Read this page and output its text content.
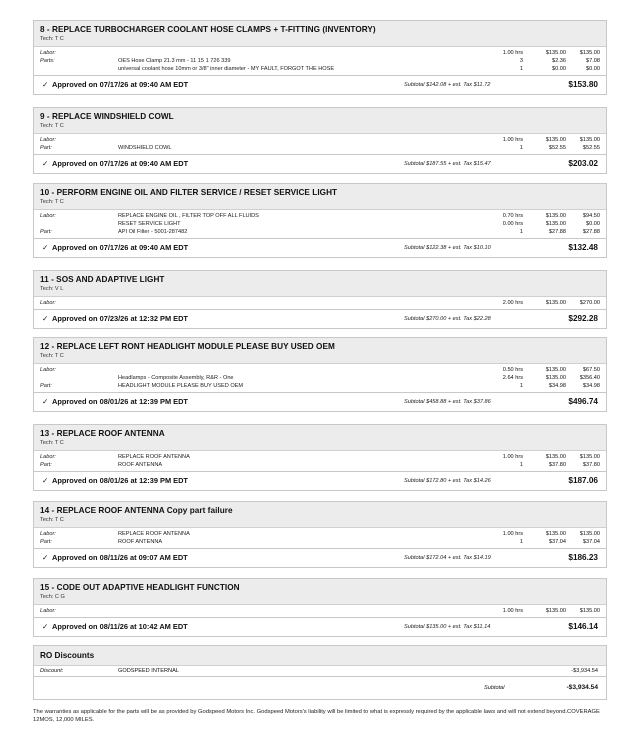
8 - REPLACE TURBOCHARGER COOLANT HOSE CLAMPS + T-FITTING (INVENTORY)
Tech: T C
Labor:	1.00 hrs	$135.00 $135.00
Parts:	OES Hose Clamp 21.3 mm - 11 15 1 726 339	3	$2.36	$7.08
universal coolant hose 10mm or 3/8" inner diameter - MY FAULT, FORGOT THE HOSE	1	$0.00	$0.00
✓ Approved on 07/17/26 at 09:40 AM EDT	Subtotal $142.08 + est. Tax $11.72	$153.80
9 - REPLACE WINDSHIELD COWL
Tech: T C
Labor:	1.00 hrs	$135.00 $135.00
Part:	WINDSHIELD COWL	1	$52.55	$52.55
✓ Approved on 07/17/26 at 09:40 AM EDT	Subtotal $187.55 + est. Tax $15.47	$203.02
10 - PERFORM ENGINE OIL AND FILTER SERVICE / RESET SERVICE LIGHT
Tech: T C
Labor:	REPLACE ENGINE OIL , FILTER TOP OFF ALL FLUIDS	0.70 hrs	$135.00	$94.50
RESET SERVICE LIGHT	0.00 hrs	$135.00	$0.00
Part:	API Oil Filter - 5001-287482	1	$27.88	$27.88
✓ Approved on 07/17/26 at 09:40 AM EDT	Subtotal $122.38 + est. Tax $10.10	$132.48
11 - SOS AND ADAPTIVE LIGHT
Tech: V L
Labor:	2.00 hrs	$135.00 $270.00
✓ Approved on 07/23/26 at 12:32 PM EDT	Subtotal $270.00 + est. Tax $22.28	$292.28
12 - REPLACE LEFT RONT HEADLIGHT MODULE PLEASE BUY USED OEM
Tech: T C
Labor:	0.50 hrs	$135.00	$67.50
Headlamps - Composite Assembly, R&R - One	2.64 hrs	$135.00 $356.40
Part:	HEADLIGHT MODULE PLEASE BUY USED OEM	1	$34.98	$34.98
✓ Approved on 08/01/26 at 12:39 PM EDT	Subtotal $458.88 + est. Tax $37.86	$496.74
13 - REPLACE ROOF ANTENNA
Tech: T C
Labor:	REPLACE ROOF ANTENNA	1.00 hrs	$135.00 $135.00
Part:	ROOF ANTENNA	1	$37.80	$37.80
✓ Approved on 08/01/26 at 12:39 PM EDT	Subtotal $172.80 + est. Tax $14.26	$187.06
14 - REPLACE ROOF ANTENNA Copy part failure
Tech: T C
Labor:	REPLACE ROOF ANTENNA	1.00 hrs	$135.00 $135.00
Part:	ROOF ANTENNA	1	$37.04	$37.04
✓ Approved on 08/11/26 at 09:07 AM EDT	Subtotal $172.04 + est. Tax $14.19	$186.23
15 - CODE OUT ADAPTIVE HEADLIGHT FUNCTION
Tech: C G
Labor:	1.00 hrs	$135.00 $135.00
✓ Approved on 08/11/26 at 10:42 AM EDT	Subtotal $135.00 + est. Tax $11.14	$146.14
RO Discounts
Discount:	GODSPEED INTERNAL	-$3,934.54
Subtotal	-$3,934.54
The warranties as applicable for the parts will be as provided by Godspeed Motors Inc. Godspeed Motors's liability will be limited to what is expressly required by the applicable laws and will not extend beyond.COVERAGE 12MOS, 12,000 MILES.
